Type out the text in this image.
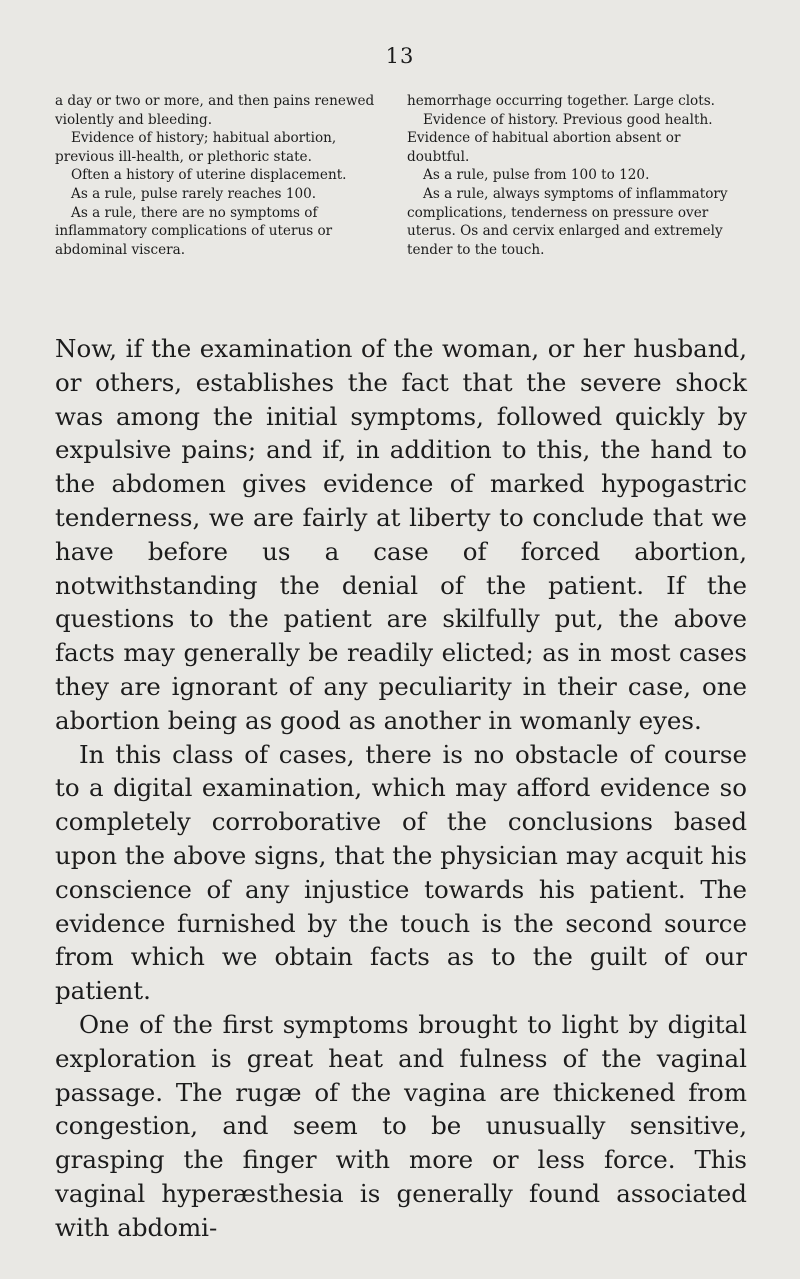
13

a day or two or more, and then pains renewed violently and bleeding.

Evidence of history; habitual abortion, previous ill-health, or plethoric state.

Often a history of uterine displacement.

As a rule, pulse rarely reaches 100.

As a rule, there are no symptoms of inflammatory complications of uterus or abdominal viscera.

hemorrhage occurring together. Large clots.

Evidence of history. Previous good health. Evidence of habitual abortion absent or doubtful.

As a rule, pulse from 100 to 120.

As a rule, always symptoms of inflammatory complications, tenderness on pressure over uterus. Os and cervix enlarged and extremely tender to the touch.

Now, if the examination of the woman, or her husband, or others, establishes the fact that the severe shock was among the initial symptoms, followed quickly by expulsive pains; and if, in addition to this, the hand to the abdomen gives evidence of marked hypogastric tenderness, we are fairly at liberty to conclude that we have before us a case of forced abortion, notwithstanding the denial of the patient. If the questions to the patient are skilfully put, the above facts may generally be readily elicted; as in most cases they are ignorant of any peculiarity in their case, one abortion being as good as another in womanly eyes.

In this class of cases, there is no obstacle of course to a digital examination, which may afford evidence so completely corroborative of the conclusions based upon the above signs, that the physician may acquit his conscience of any injustice towards his patient. The evidence furnished by the touch is the second source from which we obtain facts as to the guilt of our patient.

One of the first symptoms brought to light by digital exploration is great heat and fulness of the vaginal passage. The rugæ of the vagina are thickened from congestion, and seem to be unusually sensitive, grasping the finger with more or less force. This vaginal hyperæsthesia is generally found associated with abdomi-
